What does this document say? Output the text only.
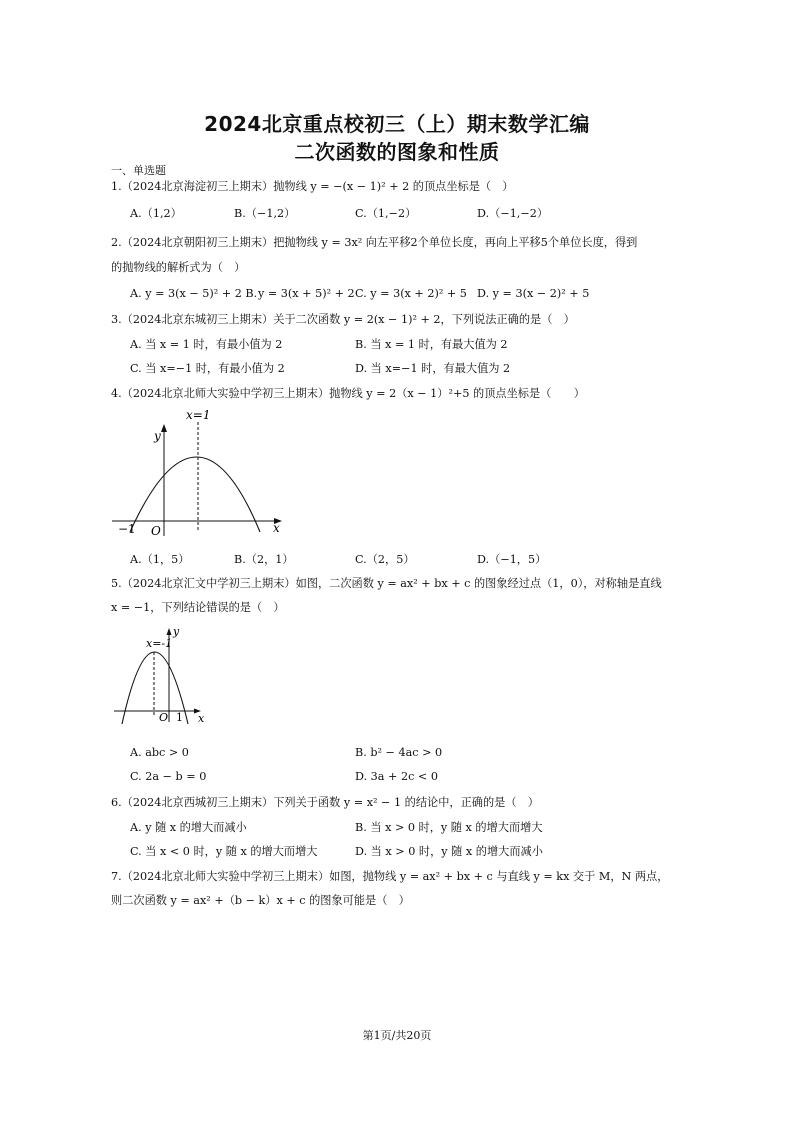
2024北京重点校初三（上）期末数学汇编
二次函数的图象和性质
一、单选题
1.（2024北京海淀初三上期末）抛物线 y = −(x − 1)² + 2 的顶点坐标是（　）
A.（1,2）	B.（−1,2）	C.（1,−2）	D.（−1,−2）
2.（2024北京朝阳初三上期末）把抛物线 y = 3x² 向左平移2个单位长度，再向上平移5个单位长度，得到
的抛物线的解析式为（　）
A. y = 3(x − 5)² + 2 B. y = 3(x + 5)² + 2 C. y = 3(x + 2)² + 5 D. y = 3(x − 2)² + 5
3.（2024北京东城初三上期末）关于二次函数 y = 2(x − 1)² + 2，下列说法正确的是（　）
A. 当 x = 1 时，有最小值为 2	B. 当 x = 1 时，有最大值为 2
C. 当 x=−1 时，有最小值为 2	D. 当 x=−1 时，有最大值为 2
4.（2024北京北师大实验中学初三上期末）抛物线 y = 2（x − 1）²+5 的顶点坐标是（　　）
x=1
y
x
O
−1
A.（1，5）	B.（2，1）	C.（2，5）	D.（−1，5）
5.（2024北京汇文中学初三上期末）如图，二次函数 y = ax² + bx + c 的图象经过点（1，0），对称轴是直线
x = −1，下列结论错误的是（　）
x=-1
y
x
O 1
A. abc > 0	B. b² − 4ac > 0
C. 2a − b = 0	D. 3a + 2c < 0
6.（2024北京西城初三上期末）下列关于函数 y = x² − 1 的结论中，正确的是（　）
A. y 随 x 的增大而减小	B. 当 x > 0 时，y 随 x 的增大而增大
C. 当 x < 0 时，y 随 x 的增大而增大	D. 当 x > 0 时，y 随 x 的增大而减小
7.（2024北京北师大实验中学初三上期末）如图，抛物线 y = ax² + bx + c 与直线 y = kx 交于 M，N 两点，
则二次函数 y = ax² +（b − k）x + c 的图象可能是（　）
第1页/共20页
